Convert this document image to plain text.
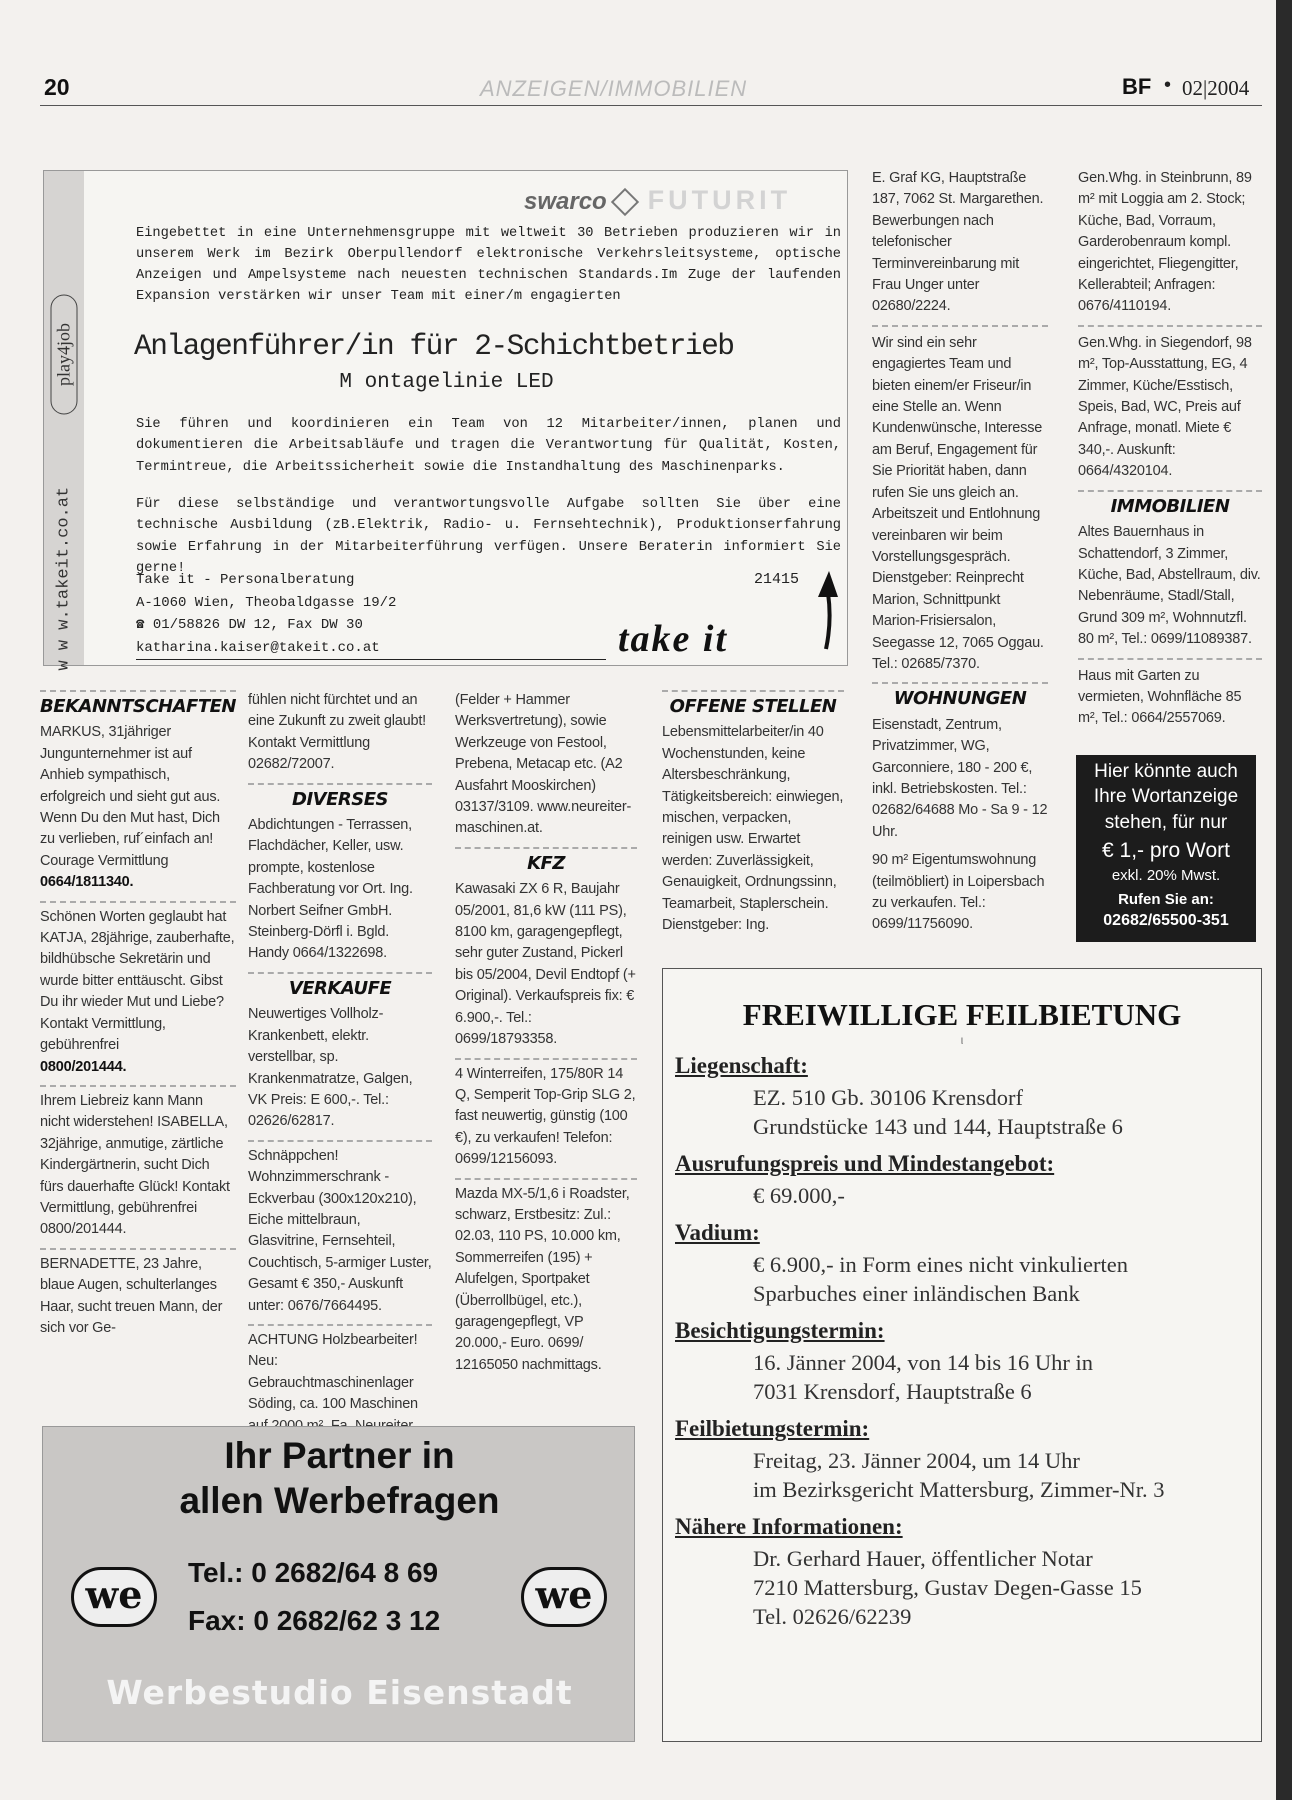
20	ANZEIGEN/IMMOBILIEN	BF • 02|2004
w w w.takeit.co.at
play4job
swarco FUTURIT
Eingebettet in eine Unternehmensgruppe mit weltweit 30 Betrieben produzieren wir in unserem Werk im Bezirk Oberpullendorf elektronische Verkehrsleitsysteme, optische Anzeigen und Ampelsysteme nach neuesten technischen Standards.Im Zuge der laufenden Expansion verstärken wir unser Team mit einer/m engagierten
Anlagenführer/in für 2-Schichtbetrieb
M ontagelinie LED
Sie führen und koordinieren ein Team von 12 Mitarbeiter/innen, planen und dokumentieren die Arbeitsabläufe und tragen die Verantwortung für Qualität, Kosten, Termintreue, die Arbeitssicherheit sowie die Instandhaltung des Maschinenparks.
Für diese selbständige und verantwortungsvolle Aufgabe sollten Sie über eine technische Ausbildung (zB.Elektrik, Radio- u. Fernsehtechnik), Produktionserfahrung sowie Erfahrung in der Mitarbeiterführung verfügen. Unsere Beraterin informiert Sie gerne!
Take it - Personalberatung
A-1060 Wien, Theobaldgasse 19/2
☎ 01/58826 DW 12, Fax DW 30
katharina.kaiser@takeit.co.at
21415
take it
E. Graf KG, Hauptstraße 187, 7062 St. Margarethen. Bewerbungen nach telefonischer Terminvereinbarung mit Frau Unger unter 02680/2224.
Wir sind ein sehr engagiertes Team und bieten einem/er Friseur/in eine Stelle an. Wenn Kundenwünsche, Interesse am Beruf, Engagement für Sie Priorität haben, dann rufen Sie uns gleich an. Arbeitszeit und Entlohnung vereinbaren wir beim Vorstellungsgespräch. Dienstgeber: Reinprecht Marion, Schnittpunkt Marion-Frisiersalon, Seegasse 12, 7065 Oggau. Tel.: 02685/7370.
WOHNUNGEN
Eisenstadt, Zentrum, Privatzimmer, WG, Garconniere, 180 - 200 €, inkl. Betriebskosten. Tel.: 02682/64688 Mo - Sa 9 - 12 Uhr.
90 m² Eigentumswohnung (teilmöbliert) in Loipersbach zu verkaufen. Tel.: 0699/11756090.
Gen.Whg. in Steinbrunn, 89 m² mit Loggia am 2. Stock; Küche, Bad, Vorraum, Garderobenraum kompl. eingerichtet, Fliegengitter, Kellerabteil; Anfragen: 0676/4110194.
Gen.Whg. in Siegendorf, 98 m², Top-Ausstattung, EG, 4 Zimmer, Küche/Esstisch, Speis, Bad, WC, Preis auf Anfrage, monatl. Miete € 340,-. Auskunft: 0664/4320104.
IMMOBILIEN
Altes Bauernhaus in Schattendorf, 3 Zimmer, Küche, Bad, Abstellraum, div. Nebenräume, Stadl/Stall, Grund 309 m², Wohnnutzfl. 80 m², Tel.: 0699/11089387.
Haus mit Garten zu vermieten, Wohnfläche 85 m², Tel.: 0664/2557069.
Hier könnte auch
Ihre Wortanzeige
stehen, für nur
€ 1,- pro Wort
exkl. 20% Mwst.
Rufen Sie an:
02682/65500-351
BEKANNTSCHAFTEN
MARKUS, 31jähriger Jungunternehmer ist auf Anhieb sympathisch, erfolgreich und sieht gut aus. Wenn Du den Mut hast, Dich zu verlieben, ruf´einfach an! Courage Vermittlung
0664/1811340.
Schönen Worten geglaubt hat KATJA, 28jährige, zauberhafte, bildhübsche Sekretärin und wurde bitter enttäuscht. Gibst Du ihr wieder Mut und Liebe? Kontakt Vermittlung, gebührenfrei
0800/201444.
Ihrem Liebreiz kann Mann nicht widerstehen! ISABELLA, 32jährige, anmutige, zärtliche Kindergärtnerin, sucht Dich fürs dauerhafte Glück! Kontakt Vermittlung, gebührenfrei 0800/201444.
BERNADETTE, 23 Jahre, blaue Augen, schulterlanges Haar, sucht treuen Mann, der sich vor Ge-
fühlen nicht fürchtet und an eine Zukunft zu zweit glaubt! Kontakt Vermittlung 02682/72007.
DIVERSES
Abdichtungen - Terrassen, Flachdächer, Keller, usw. prompte, kostenlose Fachberatung vor Ort. Ing. Norbert Seifner GmbH. Steinberg-Dörfl i. Bgld. Handy 0664/1322698.
VERKAUFE
Neuwertiges Vollholz-Krankenbett, elektr. verstellbar, sp. Krankenmatratze, Galgen, VK Preis: E 600,-. Tel.: 02626/62817.
Schnäppchen! Wohnzimmerschrank - Eckverbau (300x120x210), Eiche mittelbraun, Glasvitrine, Fernsehteil, Couchtisch, 5-armiger Luster, Gesamt € 350,- Auskunft unter: 0676/7664495.
ACHTUNG Holzbearbeiter! Neu: Gebrauchtmaschinenlager Söding, ca. 100 Maschinen
(Felder + Hammer Werksvertretung), sowie Werkzeuge von Festool, Prebena, Metacap etc. (A2 Ausfahrt Mooskirchen) 03137/3109. www.neureiter-maschinen.at.
KFZ
Kawasaki ZX 6 R, Baujahr 05/2001, 81,6 kW (111 PS), 8100 km, garagengepflegt, sehr guter Zustand, Pickerl bis 05/2004, Devil Endtopf (+ Original). Verkaufspreis fix: € 6.900,-. Tel.: 0699/18793358.
4 Winterreifen, 175/80R 14 Q, Semperit Top-Grip SLG 2, fast neuwertig, günstig (100 €), zu verkaufen! Telefon: 0699/12156093.
Mazda MX-5/1,6 i Roadster, schwarz, Erstbesitz: Zul.: 02.03, 110 PS, 10.000 km, Sommerreifen (195) + Alufelgen, Sportpaket (Überrollbügel, etc.), garagengepflegt, VP 20.000,- Euro. 0699/ 12165050 nachmittags.
OFFENE STELLEN
Lebensmittelarbeiter/in 40 Wochenstunden, keine Altersbeschränkung, Tätigkeitsbereich: einwiegen, mischen, verpacken, reinigen usw. Erwartet werden: Zuverlässigkeit, Genauigkeit, Ordnungssinn, Teamarbeit, Staplerschein. Dienstgeber: Ing.
Ihr Partner in
allen Werbefragen
we	Tel.: 0 2682/64 8 69
Fax: 0 2682/62 3 12
we
Werbestudio Eisenstadt
FREIWILLIGE FEILBIETUNG
ι
Liegenschaft:
EZ. 510 Gb. 30106 Krensdorf
Grundstücke 143 und 144, Hauptstraße 6
Ausrufungspreis und Mindestangebot:
€ 69.000,-
Vadium:
€ 6.900,- in Form eines nicht vinkulierten
Sparbuches einer inländischen Bank
Besichtigungstermin:
16. Jänner 2004, von 14 bis 16 Uhr in
7031 Krensdorf, Hauptstraße 6
Feilbietungstermin:
Freitag, 23. Jänner 2004, um 14 Uhr
im Bezirksgericht Mattersburg, Zimmer-Nr. 3
Nähere Informationen:
Dr. Gerhard Hauer, öffentlicher Notar
7210 Mattersburg, Gustav Degen-Gasse 15
Tel. 02626/62239
